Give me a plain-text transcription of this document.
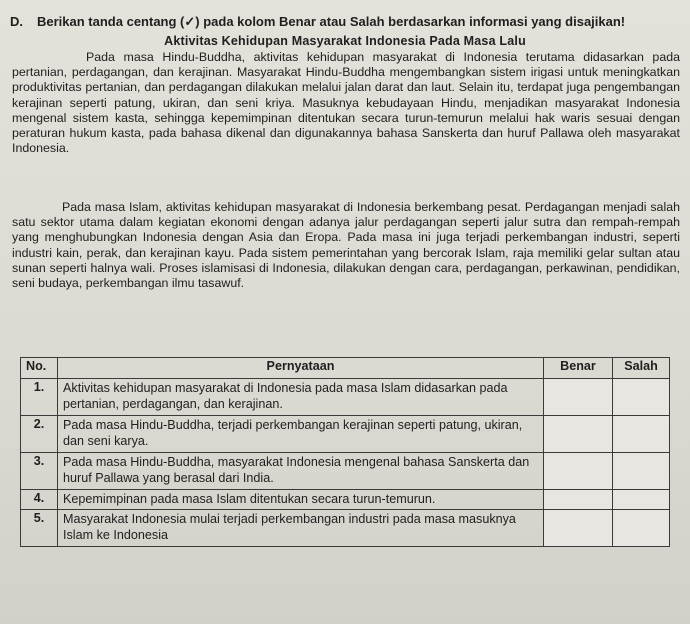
D. Berikan tanda centang (✓) pada kolom Benar atau Salah berdasarkan informasi yang disajikan!
Aktivitas Kehidupan Masyarakat Indonesia Pada Masa Lalu
Pada masa Hindu-Buddha, aktivitas kehidupan masyarakat di Indonesia terutama didasarkan pada pertanian, perdagangan, dan kerajinan. Masyarakat Hindu-Buddha mengembangkan sistem irigasi untuk meningkatkan produktivitas pertanian, dan perdagangan dilakukan melalui jalan darat dan laut. Selain itu, terdapat juga pengembangan kerajinan seperti patung, ukiran, dan seni kriya. Masuknya kebudayaan Hindu, menjadikan masyarakat Indonesia mengenal sistem kasta, sehingga kepemimpinan ditentukan secara turun-temurun melalui hak waris sesuai dengan peraturan hukum kasta, pada bahasa dikenal dan digunakannya bahasa Sanskerta dan huruf Pallawa oleh masyarakat Indonesia.
Pada masa Islam, aktivitas kehidupan masyarakat di Indonesia berkembang pesat. Perdagangan menjadi salah satu sektor utama dalam kegiatan ekonomi dengan adanya jalur perdagangan seperti jalur sutra dan rempah-rempah yang menghubungkan Indonesia dengan Asia dan Eropa. Pada masa ini juga terjadi perkembangan industri, seperti industri kain, perak, dan kerajinan kayu. Pada sistem pemerintahan yang bercorak Islam, raja memiliki gelar sultan atau sunan seperti halnya wali. Proses islamisasi di Indonesia, dilakukan dengan cara, perdagangan, perkawinan, pendidikan, seni budaya, perkembangan ilmu tasawuf.
No.	Pernyataan	Benar	Salah
1.	Aktivitas kehidupan masyarakat di Indonesia pada masa Islam didasarkan pada pertanian, perdagangan, dan kerajinan.		
2.	Pada masa Hindu-Buddha, terjadi perkembangan kerajinan seperti patung, ukiran, dan seni karya.		
3.	Pada masa Hindu-Buddha, masyarakat Indonesia mengenal bahasa Sanskerta dan huruf Pallawa yang berasal dari India.		
4.	Kepemimpinan pada masa Islam ditentukan secara turun-temurun.		
5.	Masyarakat Indonesia mulai terjadi perkembangan industri pada masa masuknya Islam ke Indonesia		
